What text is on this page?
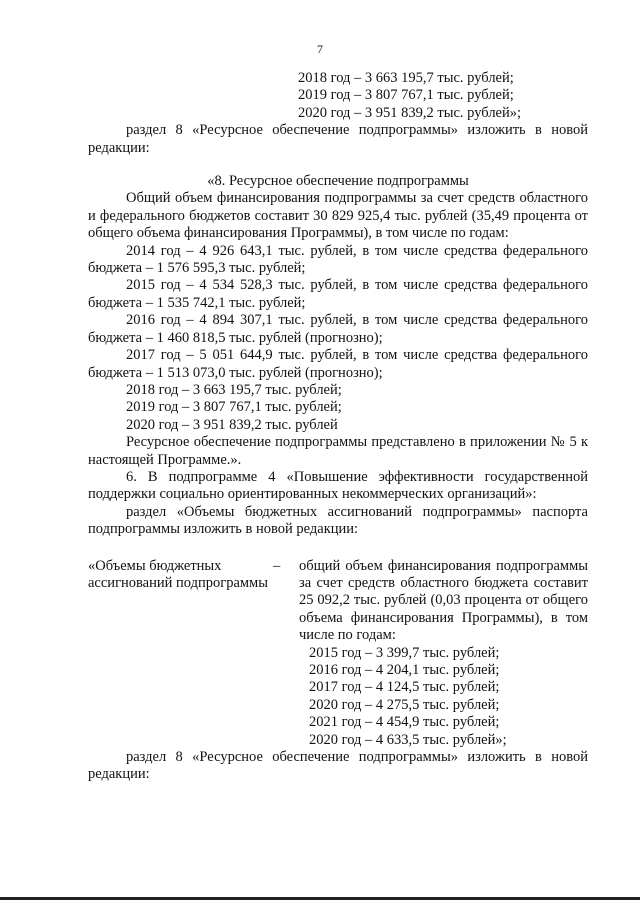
7

2018 год – 3 663 195,7 тыс. рублей;

2019 год – 3 807 767,1 тыс. рублей;

2020 год – 3 951 839,2 тыс. рублей»;

раздел 8 «Ресурсное обеспечение подпрограммы» изложить в новой редакции:

«8. Ресурсное обеспечение подпрограммы

Общий объем финансирования подпрограммы за счет средств областного и федерального бюджетов составит 30 829 925,4 тыс. рублей (35,49 процента от общего объема финансирования Программы), в том числе по годам:

2014 год – 4 926 643,1 тыс. рублей, в том числе средства федерального бюджета – 1 576 595,3 тыс. рублей;

2015 год – 4 534 528,3 тыс. рублей, в том числе средства федерального бюджета – 1 535 742,1 тыс. рублей;

2016 год – 4 894 307,1 тыс. рублей, в том числе средства федерального бюджета – 1 460 818,5 тыс. рублей (прогнозно);

2017 год – 5 051 644,9 тыс. рублей, в том числе средства федерального бюджета – 1 513 073,0 тыс. рублей (прогнозно);

2018 год – 3 663 195,7 тыс. рублей;

2019 год – 3 807 767,1 тыс. рублей;

2020 год – 3 951 839,2 тыс. рублей

Ресурсное обеспечение подпрограммы представлено в приложении № 5 к настоящей Программе.».

6. В подпрограмме 4 «Повышение эффективности государственной поддержки социально ориентированных некоммерческих организаций»:

раздел «Объемы бюджетных ассигнований подпрограммы» паспорта подпрограммы изложить в новой редакции:

«Объемы бюджетных ассигнований подпрограммы
–	общий объем финансирования подпрограммы за счет средств областного бюджета составит 25 092,2 тыс. рублей (0,03 процента от общего объема финансирования Программы), в том числе по годам:

2015 год – 3 399,7 тыс. рублей;

2016 год – 4 204,1 тыс. рублей;

2017 год – 4 124,5 тыс. рублей;

2020 год – 4 275,5 тыс. рублей;

2021 год – 4 454,9 тыс. рублей;

2020 год – 4 633,5 тыс. рублей»;

раздел 8 «Ресурсное обеспечение подпрограммы» изложить в новой редакции:
